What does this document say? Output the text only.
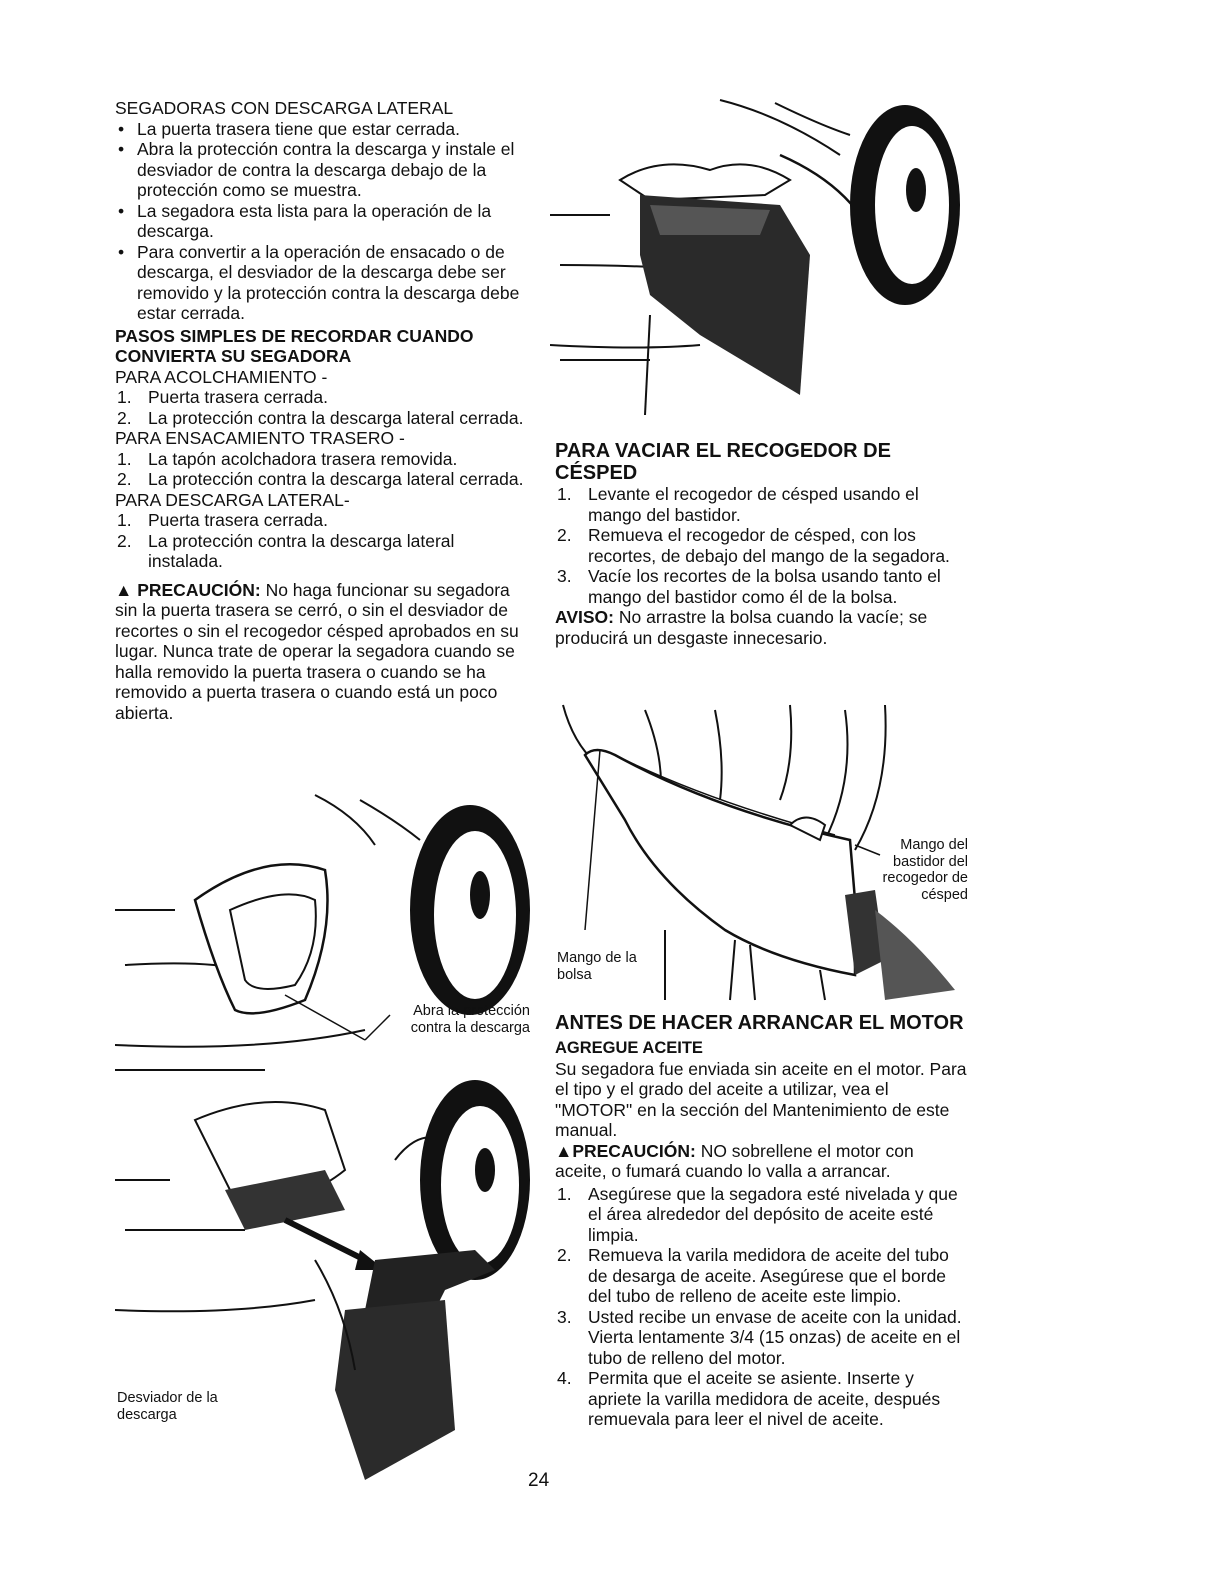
SEGADORAS CON DESCARGA LATERAL

• La puerta trasera tiene que estar cerrada.
• Abra la protección contra la descarga y instale el desviador de contra la descarga debajo de la protección como se muestra.
• La segadora esta lista para la operación de la descarga.
• Para convertir a la operación de ensacado o de descarga, el desviador de la descarga debe ser removido y la protección contra la descarga debe estar cerrada.

PASOS SIMPLES DE RECORDAR CUANDO CONVIERTA SU SEGADORA

PARA ACOLCHAMIENTO -

1. Puerta trasera cerrada.
2. La protección contra la descarga lateral cerrada.

PARA ENSACAMIENTO TRASERO -

1. La tapón acolchadora trasera removida.
2. La protección contra la descarga lateral cerrada.

PARA DESCARGA LATERAL-

1. Puerta trasera cerrada.
2. La protección contra la descarga lateral instalada.

▲ PRECAUCIÓN: No haga funcionar su segadora sin la puerta trasera se cerró, o sin el desviador de recortes o sin el recogedor césped aprobados en su lugar. Nunca trate de operar la segadora cuando se halla removido la puerta trasera o cuando se ha removido a puerta trasera o cuando está un poco abierta.

Abra la protección contra la descarga
Desviador de la descarga
Mango del bastidor del recogedor de césped
Mango de la bolsa

PARA VACIAR EL RECOGEDOR DE CÉSPED

1. Levante el recogedor de césped usando el mango del bastidor.
2. Remueva el recogedor de césped, con los recortes, de debajo del mango de la segadora.
3. Vacíe los recortes de la bolsa usando tanto el mango del bastidor como él de la bolsa.

AVISO: No arrastre la bolsa cuando la vacíe; se producirá un desgaste innecesario.

ANTES DE HACER ARRANCAR EL MOTOR

AGREGUE ACEITE

Su segadora fue enviada sin aceite en el motor. Para el tipo y el grado del aceite a utilizar, vea el "MOTOR" en la sección del Mantenimiento de este manual.

▲PRECAUCIÓN: NO sobrellene el motor con aceite, o fumará cuando lo valla a arrancar.

1. Asegúrese que la segadora esté nivelada y que el área alrededor del depósito de aceite esté limpia.
2. Remueva la varila medidora de aceite del tubo de desarga de aceite. Asegúrese que el borde del tubo de relleno de aceite este limpio.
3. Usted recibe un envase de aceite con la unidad. Vierta lentamente 3/4 (15 onzas) de aceite en el tubo de relleno del motor.
4. Permita que el aceite se asiente. Inserte y apriete la varilla medidora de aceite, después remuevala para leer el nivel de aceite.
24
